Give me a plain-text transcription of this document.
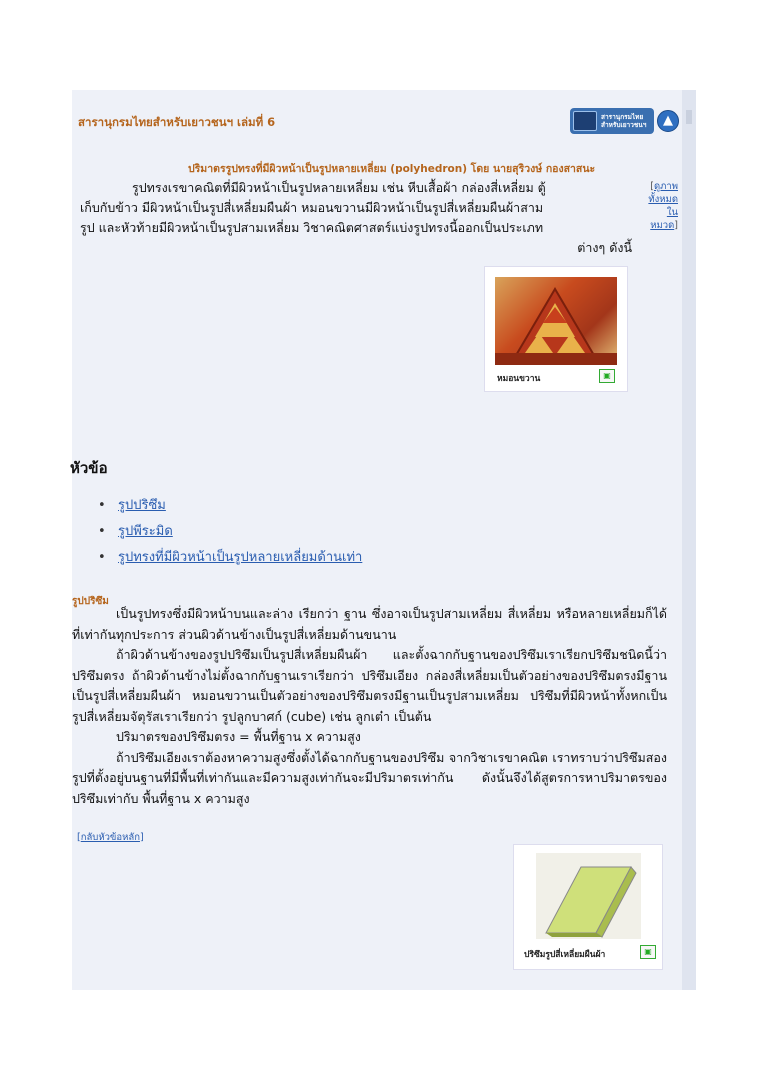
สารานุกรมไทยสำหรับเยาวชนฯ เล่มที่ 6	สารานุกรมไทย
สำหรับเยาวชนฯ	▲
ปริมาตรรูปทรงที่มีผิวหน้าเป็นรูปหลายเหลี่ยม (polyhedron) โดย นายสุริวงษ์ กองสาสนะ
รูปทรงเรขาคณิตที่มีผิวหน้าเป็นรูปหลายเหลี่ยม เช่น หีบเสื้อผ้า กล่องสี่เหลี่ยม ตู้
เก็บกับข้าว มีผิวหน้าเป็นรูปสี่เหลี่ยมผืนผ้า หมอนขวานมีผิวหน้าเป็นรูปสี่เหลี่ยมผืนผ้าสาม
รูป และหัวท้ายมีผิวหน้าเป็นรูปสามเหลี่ยม วิชาคณิตศาสตร์แบ่งรูปทรงนี้ออกเป็นประเภท
ต่างๆ ดังนี้
[ดูภาพทั้งหมดใน หมวด]
หมอนขวาน	▣
หัวข้อ
• รูปปริซึม
• รูปพีระมิด
• รูปทรงที่มีผิวหน้าเป็นรูปหลายเหลี่ยมด้านเท่า
รูปปริซึม

เป็นรูปทรงซึ่งมีผิวหน้าบนและล่าง เรียกว่า ฐาน ซึ่งอาจเป็นรูปสามเหลี่ยม สี่เหลี่ยม หรือหลายเหลี่ยมก็ได้ที่เท่ากันทุกประการ ส่วนผิวด้านข้างเป็นรูปสี่เหลี่ยมด้านขนาน

ถ้าผิวด้านข้างของรูปปริซึมเป็นรูปสี่เหลี่ยมผืนผ้า และตั้งฉากกับฐานของปริซึมเราเรียกปริซึมชนิดนี้ว่า ปริซึมตรง ถ้าผิวด้านข้างไม่ตั้งฉากกับฐานเราเรียกว่า ปริซึมเอียง กล่องสี่เหลี่ยมเป็นตัวอย่างของปริซึมตรงมีฐานเป็นรูปสี่เหลี่ยมผืนผ้า หมอนขวานเป็นตัวอย่างของปริซึมตรงมีฐานเป็นรูปสามเหลี่ยม ปริซึมที่มีผิวหน้าทั้งหกเป็นรูปสี่เหลี่ยมจัตุรัสเราเรียกว่า รูปลูกบาศก์ (cube) เช่น ลูกเต๋า เป็นต้น

ปริมาตรของปริซึมตรง = พื้นที่ฐาน x ความสูง

ถ้าปริซึมเอียงเราต้องหาความสูงซึ่งตั้งได้ฉากกับฐานของปริซึม จากวิชาเรขาคณิต เราทราบว่าปริซึมสองรูปที่ตั้งอยู่บนฐานที่มีพื้นที่เท่ากันและมีความสูงเท่ากันจะมีปริมาตรเท่ากัน ดังนั้นจึงได้สูตรการหาปริมาตรของปริซึมเท่ากับ พื้นที่ฐาน x ความสูง

[กลับหัวข้อหลัก]
ปริซึมรูปสี่เหลี่ยมผืนผ้า	▣
